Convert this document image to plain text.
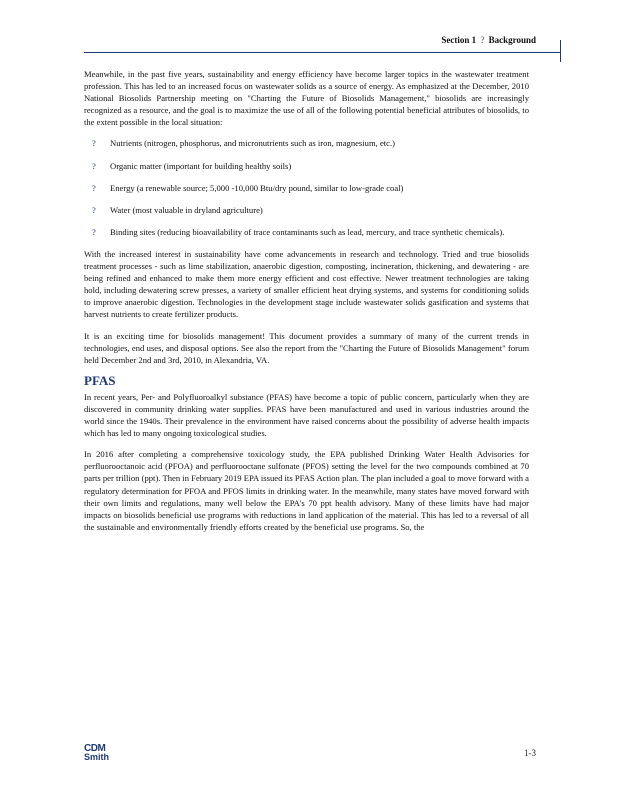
Section 1 ? Background

Meanwhile, in the past five years, sustainability and energy efficiency have become larger topics in the wastewater treatment profession. This has led to an increased focus on wastewater solids as a source of energy. As emphasized at the December, 2010 National Biosolids Partnership meeting on "Charting the Future of Biosolids Management," biosolids are increasingly recognized as a resource, and the goal is to maximize the use of all of the following potential beneficial attributes of biosolids, to the extent possible in the local situation:

? Nutrients (nitrogen, phosphorus, and micronutrients such as iron, magnesium, etc.)
? Organic matter (important for building healthy soils)
? Energy (a renewable source; 5,000 -10,000 Btu/dry pound, similar to low-grade coal)
? Water (most valuable in dryland agriculture)
? Binding sites (reducing bioavailability of trace contaminants such as lead, mercury, and trace synthetic chemicals).

With the increased interest in sustainability have come advancements in research and technology. Tried and true biosolids treatment processes - such as lime stabilization, anaerobic digestion, composting, incineration, thickening, and dewatering - are being refined and enhanced to make them more energy efficient and cost effective. Newer treatment technologies are taking hold, including dewatering screw presses, a variety of smaller efficient heat drying systems, and systems for conditioning solids to improve anaerobic digestion. Technologies in the development stage include wastewater solids gasification and systems that harvest nutrients to create fertilizer products.

It is an exciting time for biosolids management! This document provides a summary of many of the current trends in technologies, end uses, and disposal options. See also the report from the "Charting the Future of Biosolids Management" forum held December 2nd and 3rd, 2010, in Alexandria, VA.

PFAS

In recent years, Per- and Polyfluoroalkyl substance (PFAS) have become a topic of public concern, particularly when they are discovered in community drinking water supplies. PFAS have been manufactured and used in various industries around the world since the 1940s. Their prevalence in the environment have raised concerns about the possibility of adverse health impacts which has led to many ongoing toxicological studies.

In 2016 after completing a comprehensive toxicology study, the EPA published Drinking Water Health Advisories for perfluorooctanoic acid (PFOA) and perfluorooctane sulfonate (PFOS) setting the level for the two compounds combined at 70 parts per trillion (ppt). Then in February 2019 EPA issued its PFAS Action plan. The plan included a goal to move forward with a regulatory determination for PFOA and PFOS limits in drinking water. In the meanwhile, many states have moved forward with their own limits and regulations, many well below the EPA's 70 ppt health advisory. Many of these limits have had major impacts on biosolids beneficial use programs with reductions in land application of the material. This has led to a reversal of all the sustainable and environmentally friendly efforts created by the beneficial use programs. So, the

CDM
Smith	1-3
